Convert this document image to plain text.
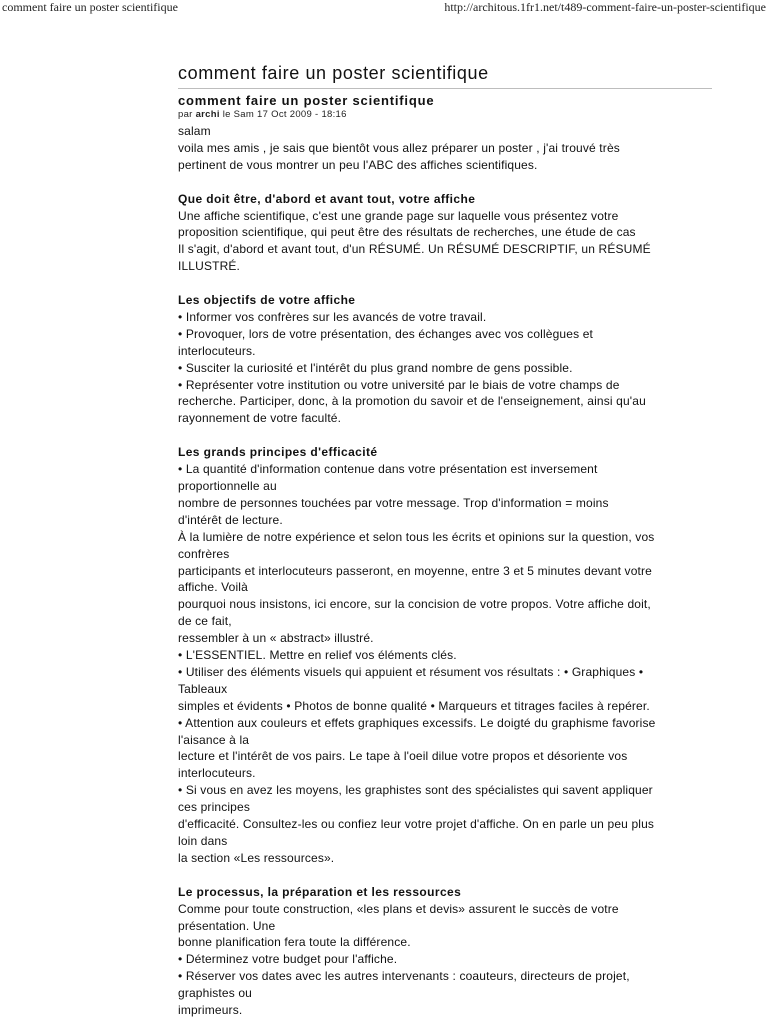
comment faire un poster scientifique	http://architous.1fr1.net/t489-comment-faire-un-poster-scientifique
comment faire un poster scientifique
comment faire un poster scientifique
par archi le Sam 17 Oct 2009 - 18:16
salam
voila mes amis , je sais que bientôt vous allez préparer un poster , j'ai trouvé très
pertinent de vous montrer un peu l'ABC des affiches scientifiques.
Que doit être, d'abord et avant tout, votre affiche
Une affiche scientifique, c'est une grande page sur laquelle vous présentez votre
proposition scientifique, qui peut être des résultats de recherches, une étude de cas
Il s'agit, d'abord et avant tout, d'un RÉSUMÉ. Un RÉSUMÉ DESCRIPTIF, un RÉSUMÉ
ILLUSTRÉ.
Les objectifs de votre affiche
• Informer vos confrères sur les avancés de votre travail.
• Provoquer, lors de votre présentation, des échanges avec vos collègues et
interlocuteurs.
• Susciter la curiosité et l'intérêt du plus grand nombre de gens possible.
• Représenter votre institution ou votre université par le biais de votre champs de
recherche. Participer, donc, à la promotion du savoir et de l'enseignement, ainsi qu'au
rayonnement de votre faculté.
Les grands principes d'efficacité
• La quantité d'information contenue dans votre présentation est inversement
proportionnelle au
nombre de personnes touchées par votre message. Trop d'information = moins
d'intérêt de lecture.
À la lumière de notre expérience et selon tous les écrits et opinions sur la question, vos
confrères
participants et interlocuteurs passeront, en moyenne, entre 3 et 5 minutes devant votre
affiche. Voilà
pourquoi nous insistons, ici encore, sur la concision de votre propos. Votre affiche doit,
de ce fait,
ressembler à un « abstract» illustré.
• L'ESSENTIEL. Mettre en relief vos éléments clés.
• Utiliser des éléments visuels qui appuient et résument vos résultats : • Graphiques •
Tableaux
simples et évidents • Photos de bonne qualité • Marqueurs et titrages faciles à repérer.
• Attention aux couleurs et effets graphiques excessifs. Le doigté du graphisme favorise
l'aisance à la
lecture et l'intérêt de vos pairs. Le tape à l'oeil dilue votre propos et désoriente vos
interlocuteurs.
• Si vous en avez les moyens, les graphistes sont des spécialistes qui savent appliquer
ces principes
d'efficacité. Consultez-les ou confiez leur votre projet d'affiche. On en parle un peu plus
loin dans
la section «Les ressources».
Le processus, la préparation et les ressources
Comme pour toute construction, «les plans et devis» assurent le succès de votre
présentation. Une
bonne planification fera toute la différence.
• Déterminez votre budget pour l'affiche.
• Réserver vos dates avec les autres intervenants : coauteurs, directeurs de projet,
graphistes ou
imprimeurs.
